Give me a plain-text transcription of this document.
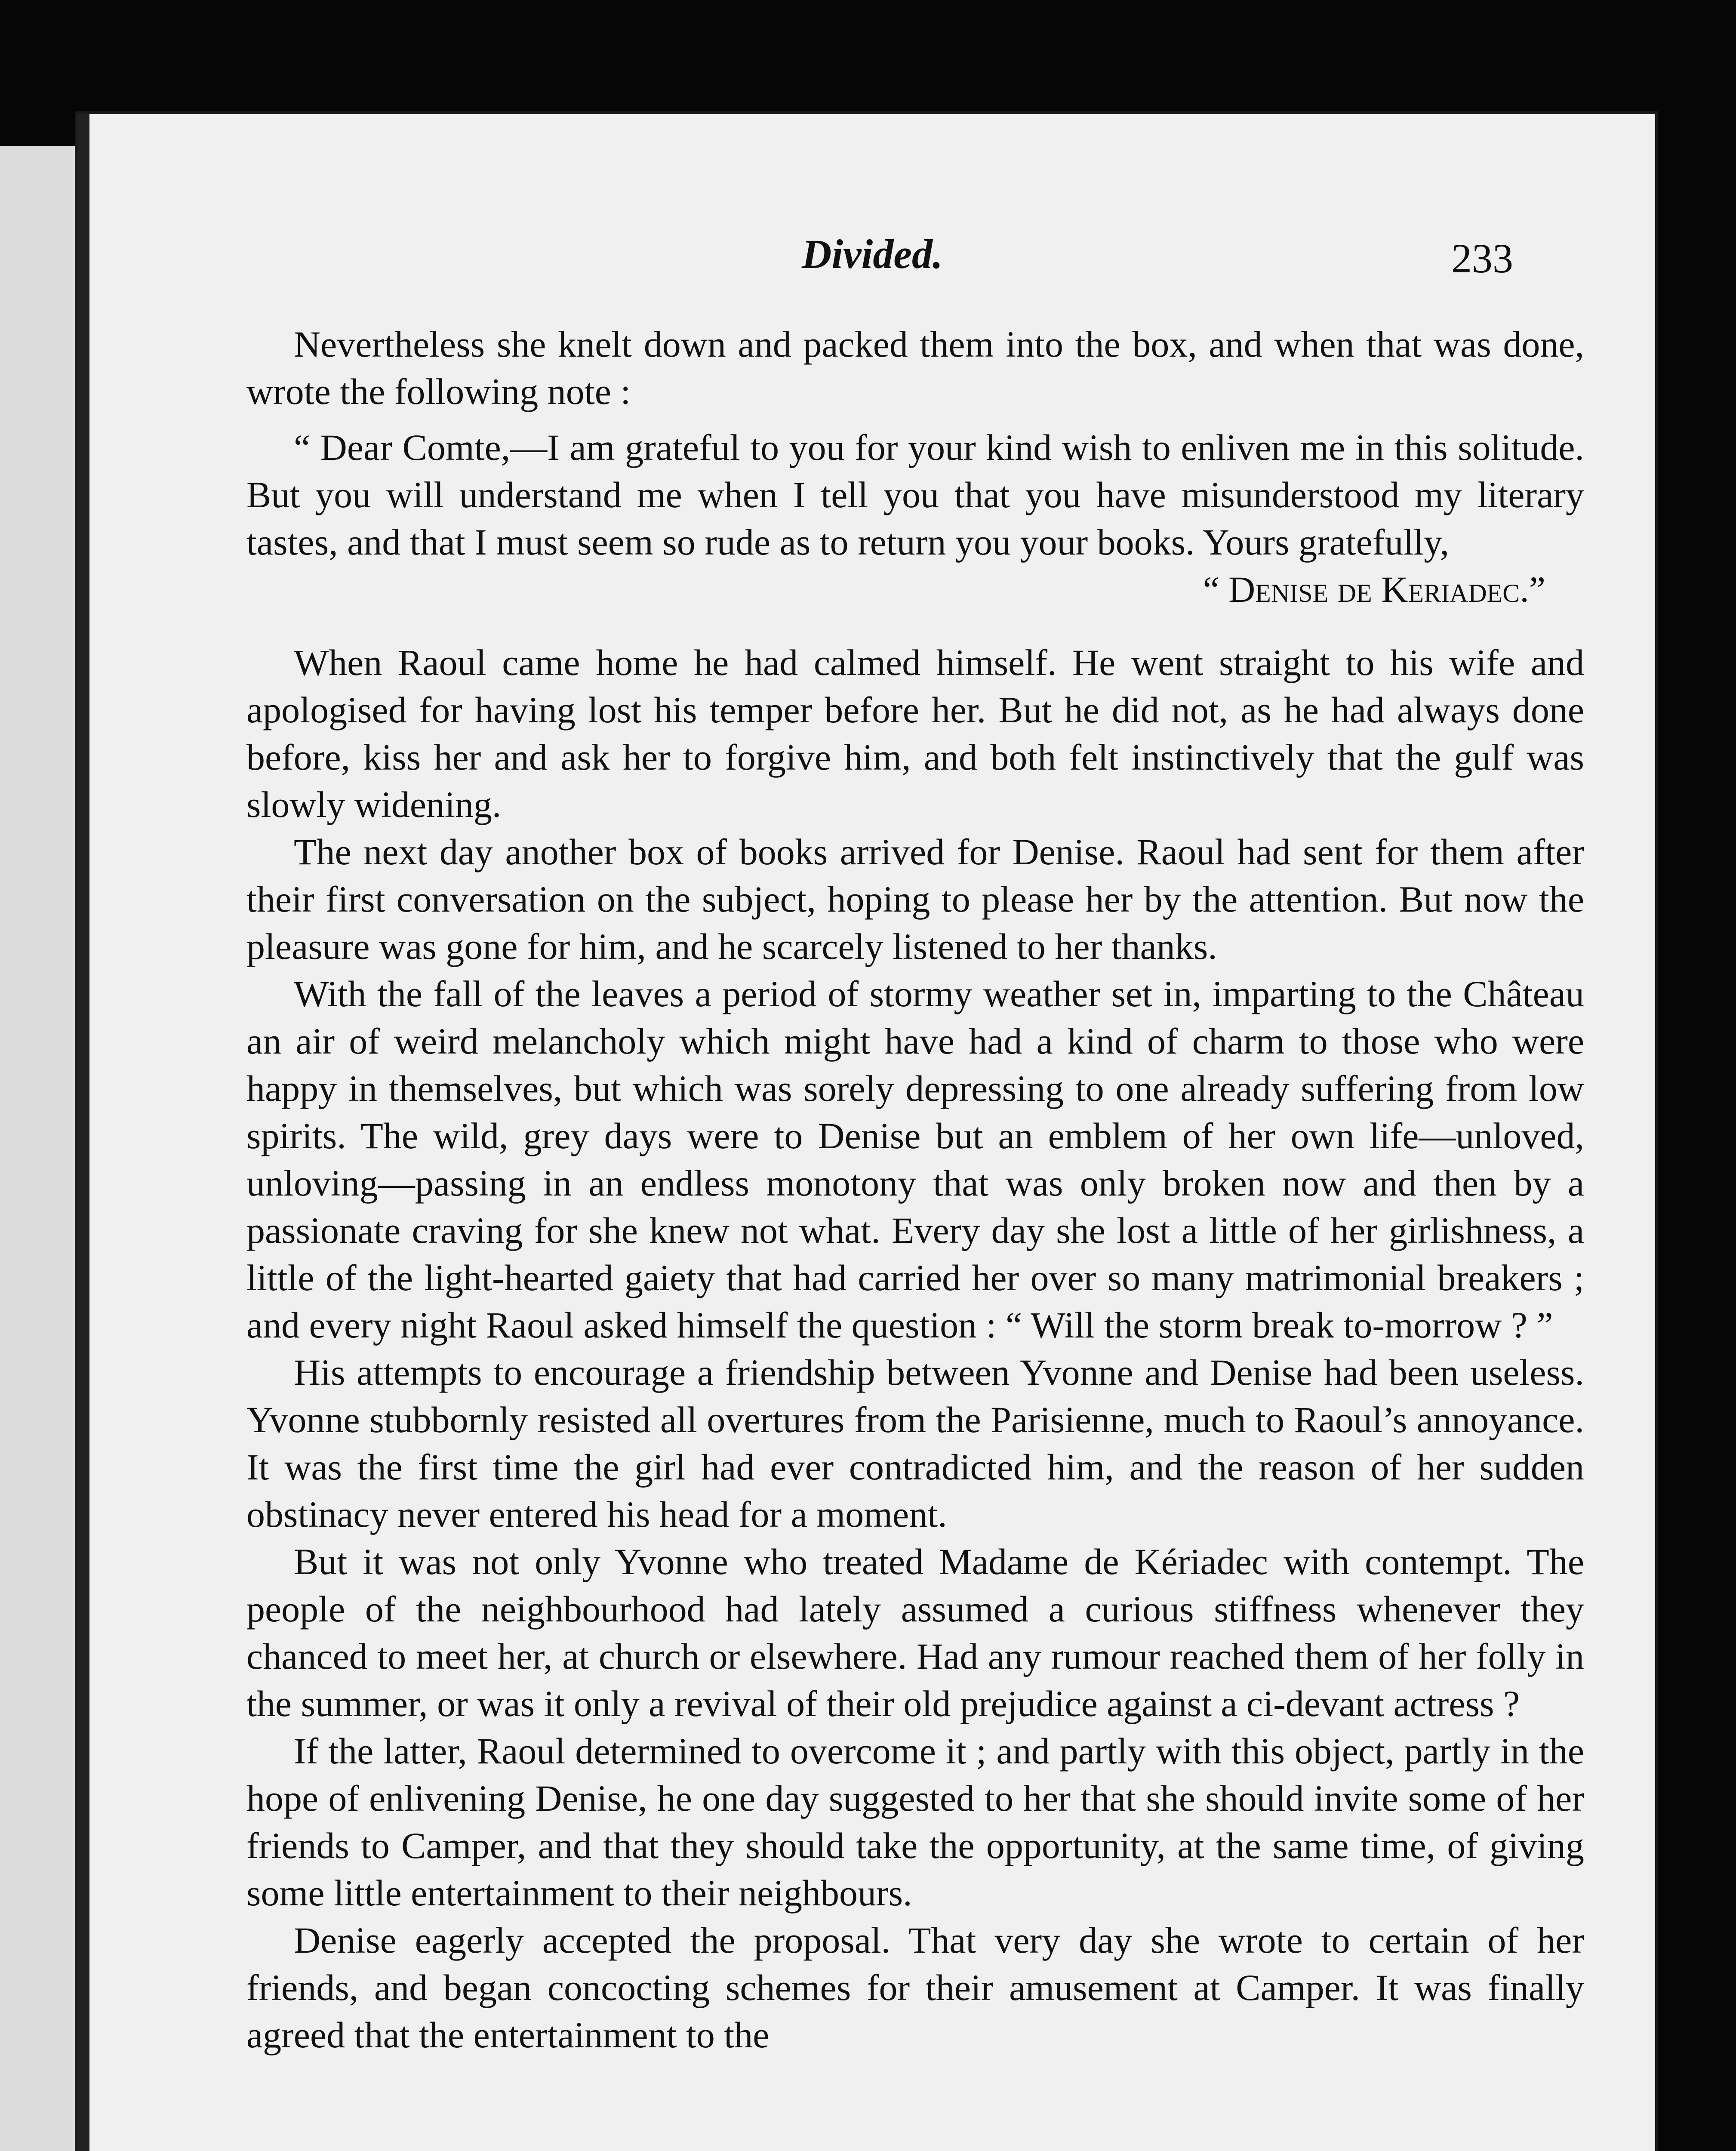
Divided.	233

Nevertheless she knelt down and packed them into the box, and when that was done, wrote the following note :

“ Dear Comte,—I am grateful to you for your kind wish to enliven me in this solitude. But you will understand me when I tell you that you have misunderstood my literary tastes, and that I must seem so rude as to return you your books. Yours gratefully,

“ Denise de Keriadec.”

When Raoul came home he had calmed himself. He went straight to his wife and apologised for having lost his temper before her. But he did not, as he had always done before, kiss her and ask her to forgive him, and both felt instinctively that the gulf was slowly widening.

The next day another box of books arrived for Denise. Raoul had sent for them after their first conversation on the subject, hoping to please her by the attention. But now the pleasure was gone for him, and he scarcely listened to her thanks.

With the fall of the leaves a period of stormy weather set in, imparting to the Château an air of weird melancholy which might have had a kind of charm to those who were happy in themselves, but which was sorely depressing to one already suffering from low spirits. The wild, grey days were to Denise but an emblem of her own life—unloved, unloving—passing in an endless monotony that was only broken now and then by a passionate craving for she knew not what. Every day she lost a little of her girlishness, a little of the light-hearted gaiety that had carried her over so many matrimonial breakers ; and every night Raoul asked himself the question : “ Will the storm break to-morrow ? ”

His attempts to encourage a friendship between Yvonne and Denise had been useless. Yvonne stubbornly resisted all overtures from the Parisienne, much to Raoul’s annoyance. It was the first time the girl had ever contradicted him, and the reason of her sudden obstinacy never entered his head for a moment.

But it was not only Yvonne who treated Madame de Kériadec with contempt. The people of the neighbourhood had lately assumed a curious stiffness whenever they chanced to meet her, at church or elsewhere. Had any rumour reached them of her folly in the summer, or was it only a revival of their old prejudice against a ci-devant actress ?

If the latter, Raoul determined to overcome it ; and partly with this object, partly in the hope of enlivening Denise, he one day suggested to her that she should invite some of her friends to Camper, and that they should take the opportunity, at the same time, of giving some little entertainment to their neighbours.

Denise eagerly accepted the proposal. That very day she wrote to certain of her friends, and began concocting schemes for their amusement at Camper. It was finally agreed that the entertainment to the
